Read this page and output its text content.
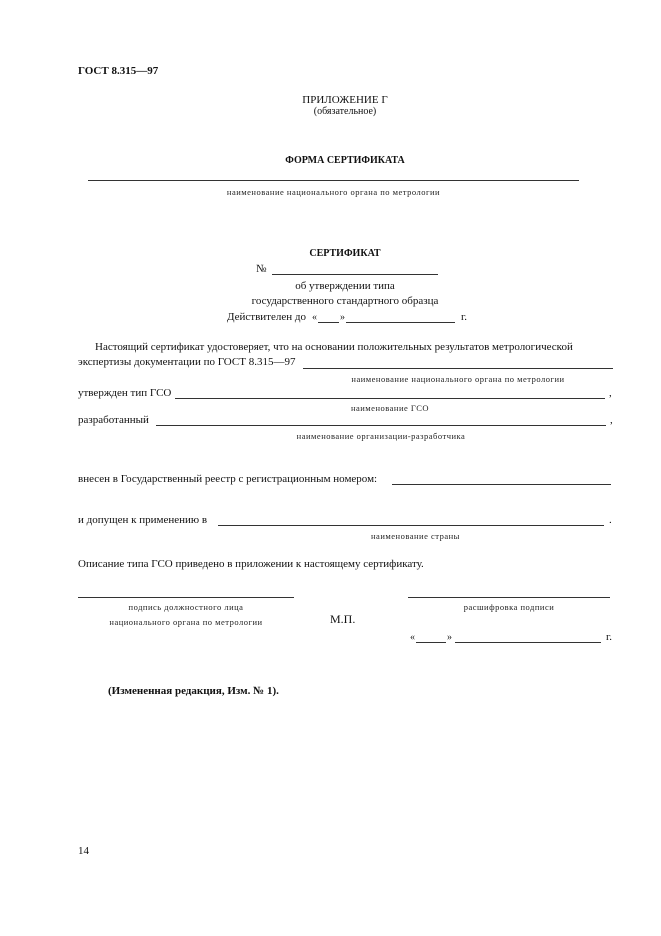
ГОСТ 8.315—97
ПРИЛОЖЕНИЕ Г
(обязательное)
ФОРМА СЕРТИФИКАТА
наименование национального органа по метрологии
СЕРТИФИКАТ
№
об утверждении типа
государственного стандартного образца
Действителен до « »	г.
Настоящий сертификат удостоверяет, что на основании положительных результатов метрологической
экспертизы документации по ГОСТ 8.315—97
наименование национального органа по метрологии
утвержден тип ГСО	,
наименование ГСО
разработанный	,
наименование организации-разработчика
внесен в Государственный реестр с регистрационным номером:
и допущен к применению в	.
наименование страны
Описание типа ГСО приведено в приложении к настоящему сертификату.
подпись должностного лица
национального органа по метрологии
расшифровка подписи
М.П.
«	»	г.
(Измененная редакция, Изм. № 1).
14
